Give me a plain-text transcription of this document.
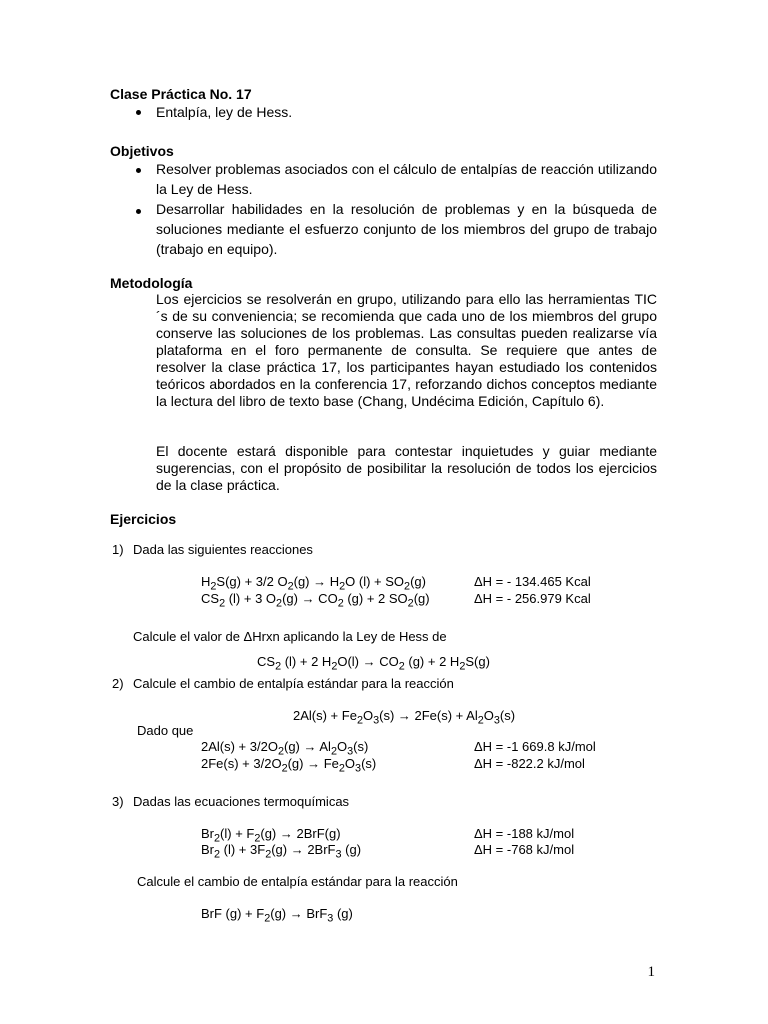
Clase Práctica No. 17
Entalpía, ley de Hess.
Objetivos
Resolver problemas asociados con el cálculo de entalpías de reacción utilizando la Ley de Hess.
Desarrollar habilidades en la resolución de problemas y en la búsqueda de soluciones mediante el esfuerzo conjunto de los miembros del grupo de trabajo (trabajo en equipo).
Metodología
Los ejercicios se resolverán en grupo, utilizando para ello las herramientas TIC´s de su conveniencia; se recomienda que cada uno de los miembros del grupo conserve las soluciones de los problemas. Las consultas pueden realizarse vía plataforma en el foro permanente de consulta. Se requiere que antes de resolver la clase práctica 17, los participantes hayan estudiado los contenidos teóricos abordados en la conferencia 17, reforzando dichos conceptos mediante la lectura del libro de texto base (Chang, Undécima Edición, Capítulo 6).
El docente estará disponible para contestar inquietudes y guiar mediante sugerencias, con el propósito de posibilitar la resolución de todos los ejercicios de la clase práctica.
Ejercicios
1) Dada las siguientes reacciones
$H_2S(g) + 3/2$ $O_2(g) \to H_2O$ $(l) + SO_2(g)$	ΔH = - 134.465 Kcal
$CS_2$ (l) + 3 $O_2(g) \to CO_2$ (g) + 2 $SO_2(g)$	ΔH = - 256.979 Kcal
Calcule el valor de ΔHrxn aplicando la Ley de Hess de
$CS_2$ (l) + 2 $H_2O(l) \to CO_2$ (g) + 2 $H_2S(g)$
2) Calcule el cambio de entalpía estándar para la reacción
$2Al(s) + Fe_2O_3(s) \to 2Fe(s) + Al_2O_3(s)$
Dado que
$2Al(s) + 3/2O_2(g) \to Al_2O_3(s)$	ΔH = -1 669.8 kJ/mol
$2Fe(s) + 3/2O_2(g) \to Fe_2O_3(s)$	ΔH = -822.2 kJ/mol
3) Dadas las ecuaciones termoquímicas
$Br_2(l) + F_2(g) \to 2BrF(g)$	ΔH = -188 kJ/mol
$Br_2$ $(l) + 3F_2(g) \to 2BrF_3$ (g)	ΔH = -768 kJ/mol
Calcule el cambio de entalpía estándar para la reacción
BrF $(g) + F_2(g) \to BrF_3$ (g)
1
